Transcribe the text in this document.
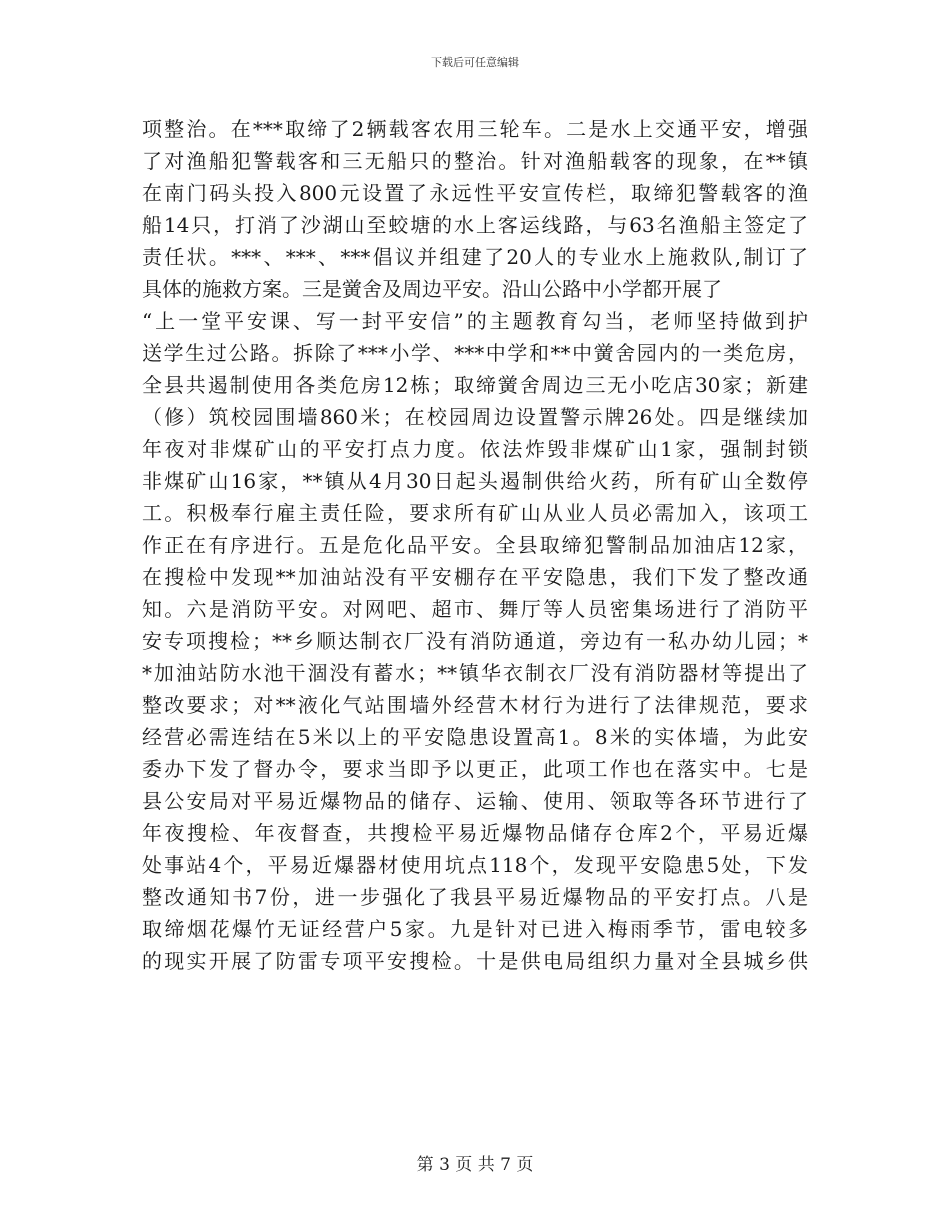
下载后可任意编辑
项整治。在***取缔了2辆载客农用三轮车。二是水上交通平安，增强
了对渔船犯警载客和三无船只的整治。针对渔船载客的现象，在**镇
在南门码头投入800元设置了永远性平安宣传栏，取缔犯警载客的渔
船14只，打消了沙湖山至蛟塘的水上客运线路，与63名渔船主签定了
责任状。***、***、***倡议并组建了20人的专业水上施救队,制订了
具体的施救方案。三是黉舍及周边平安。沿山公路中小学都开展了
“上一堂平安课、写一封平安信”的主题教育勾当，老师坚持做到护
送学生过公路。拆除了***小学、***中学和**中黉舍园内的一类危房，
全县共遏制使用各类危房12栋；取缔黉舍周边三无小吃店30家；新建
（修）筑校园围墙860米；在校园周边设置警示牌26处。四是继续加
年夜对非煤矿山的平安打点力度。依法炸毁非煤矿山1家，强制封锁
非煤矿山16家，**镇从4月30日起头遏制供给火药，所有矿山全数停
工。积极奉行雇主责任险，要求所有矿山从业人员必需加入，该项工
作正在有序进行。五是危化品平安。全县取缔犯警制品加油店12家，
在搜检中发现**加油站没有平安棚存在平安隐患，我们下发了整改通
知。六是消防平安。对网吧、超市、舞厅等人员密集场进行了消防平
安专项搜检；**乡顺达制衣厂没有消防通道，旁边有一私办幼儿园；*
*加油站防水池干涸没有蓄水；**镇华衣制衣厂没有消防器材等提出了
整改要求；对**液化气站围墙外经营木材行为进行了法律规范，要求
经营必需连结在5米以上的平安隐患设置高1。8米的实体墙，为此安
委办下发了督办令，要求当即予以更正，此项工作也在落实中。七是
县公安局对平易近爆物品的储存、运输、使用、领取等各环节进行了
年夜搜检、年夜督查，共搜检平易近爆物品储存仓库2个，平易近爆
处事站4个，平易近爆器材使用坑点118个，发现平安隐患5处，下发
整改通知书7份，进一步强化了我县平易近爆物品的平安打点。八是
取缔烟花爆竹无证经营户5家。九是针对已进入梅雨季节，雷电较多
的现实开展了防雷专项平安搜检。十是供电局组织力量对全县城乡供
第 3 页 共 7 页
